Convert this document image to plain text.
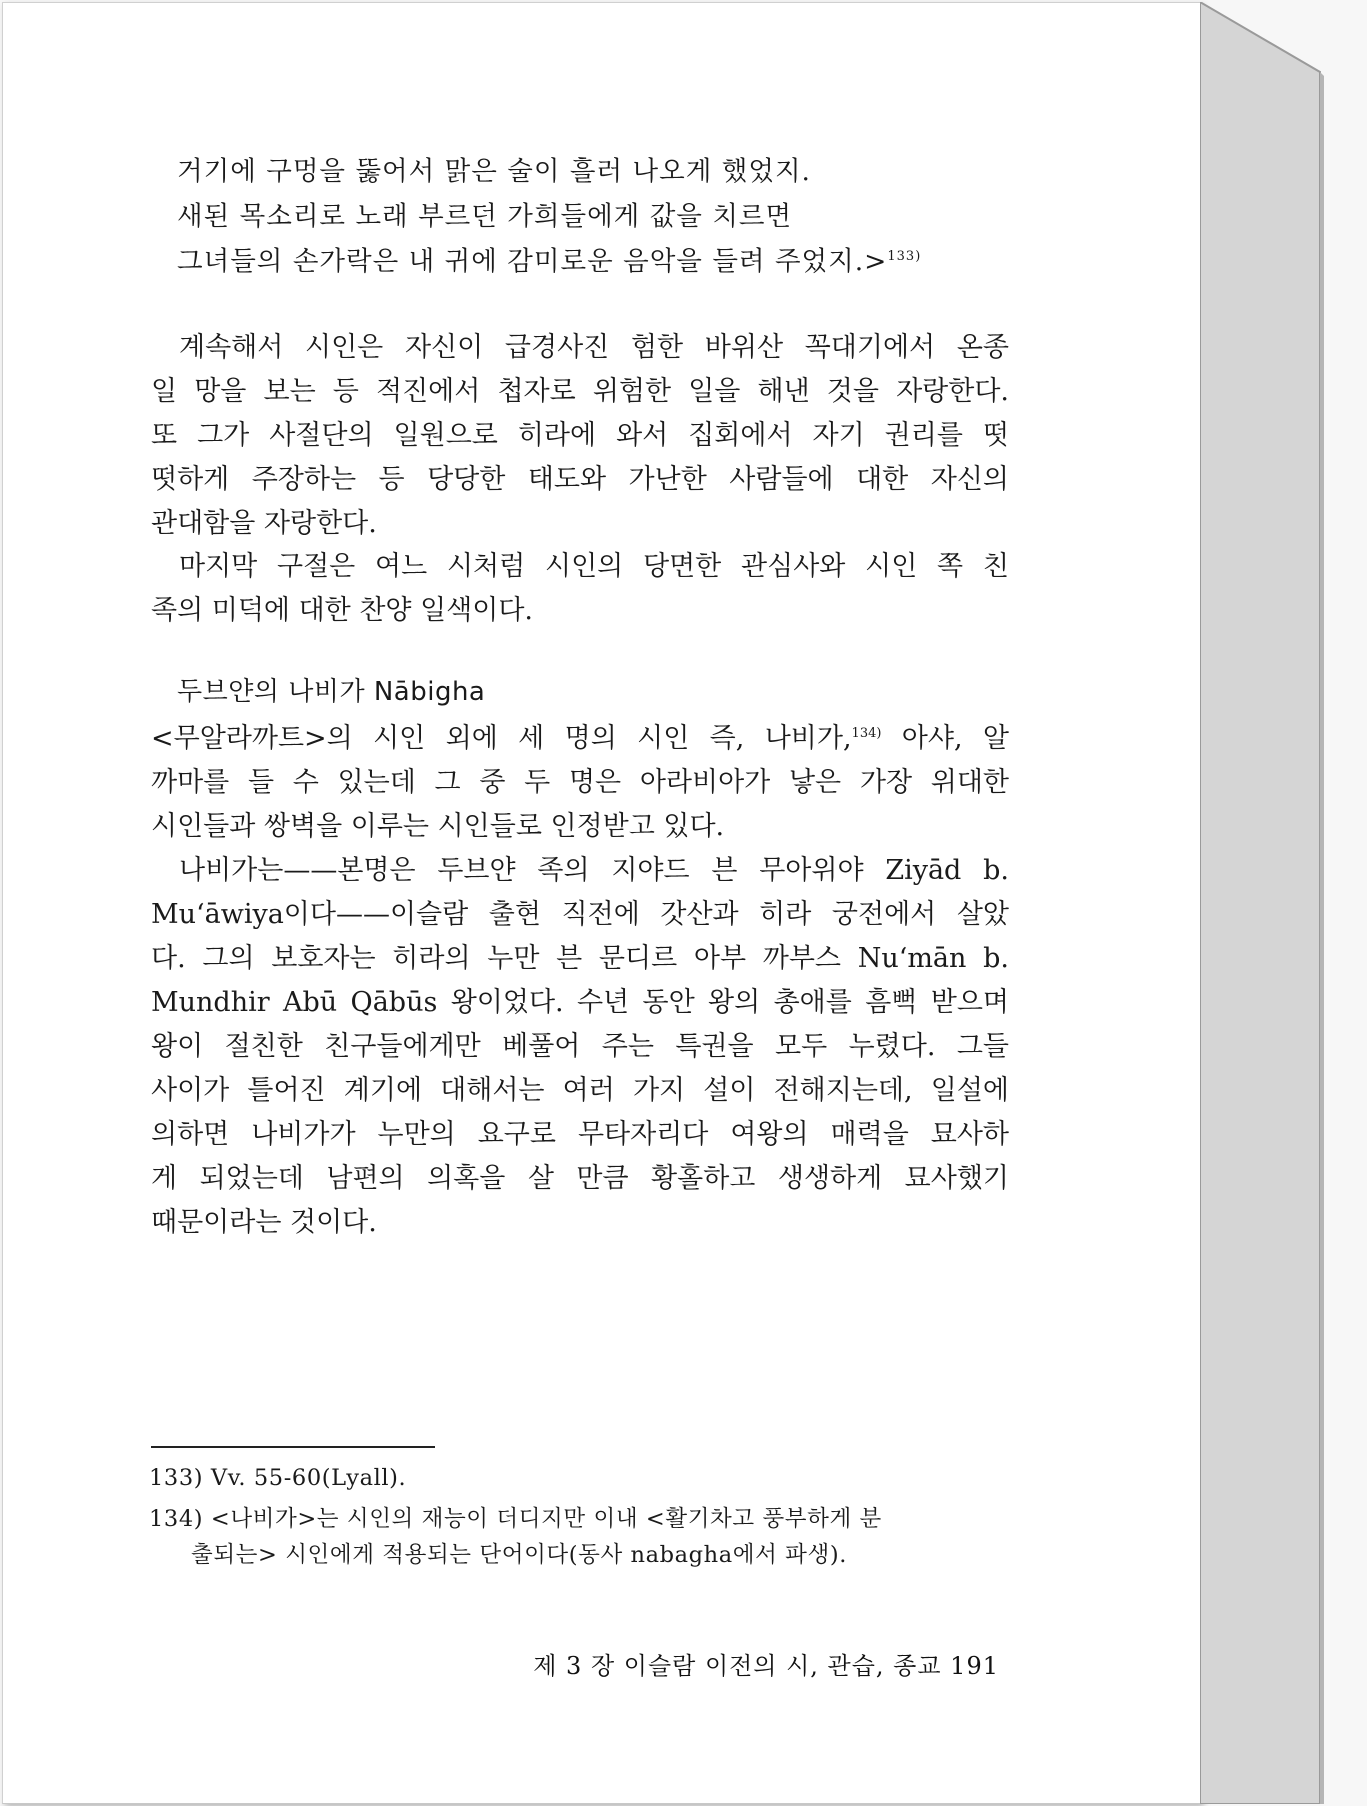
거기에 구멍을 뚫어서 맑은 술이 흘러 나오게 했었지.
새된 목소리로 노래 부르던 가희들에게 값을 치르면
그녀들의 손가락은 내 귀에 감미로운 음악을 들려 주었지.>$^{133)}$
계속해서 시인은 자신이 급경사진 험한 바위산 꼭대기에서 온종
일 망을 보는 등 적진에서 첩자로 위험한 일을 해낸 것을 자랑한다.
또 그가 사절단의 일원으로 히라에 와서 집회에서 자기 권리를 떳
떳하게 주장하는 등 당당한 태도와 가난한 사람들에 대한 자신의
관대함을 자랑한다.
마지막 구절은 여느 시처럼 시인의 당면한 관심사와 시인 쪽 친
족의 미덕에 대한 찬양 일색이다.
두브얀의 나비가 Nābigha
<무알라까트>의 시인 외에 세 명의 시인 즉, 나비가,$^{134)}$ 아샤, 알
까마를 들 수 있는데 그 중 두 명은 아라비아가 낳은 가장 위대한
시인들과 쌍벽을 이루는 시인들로 인정받고 있다.
나비가는——본명은 두브얀 족의 지야드 븐 무아위야 Ziyād b.
Mu‘āwiya이다——이슬람 출현 직전에 갓산과 히라 궁전에서 살았
다. 그의 보호자는 히라의 누만 븐 문디르 아부 까부스 Nu‘mān b.
Mundhir Abū Qābūs 왕이었다. 수년 동안 왕의 총애를 흠뻑 받으며
왕이 절친한 친구들에게만 베풀어 주는 특권을 모두 누렸다. 그들
사이가 틀어진 계기에 대해서는 여러 가지 설이 전해지는데, 일설에
의하면 나비가가 누만의 요구로 무타자리다 여왕의 매력을 묘사하
게 되었는데 남편의 의혹을 살 만큼 황홀하고 생생하게 묘사했기
때문이라는 것이다.
133) Vv. 55-60(Lyall).
134) <나비가>는 시인의 재능이 더디지만 이내 <활기차고 풍부하게 분
출되는> 시인에게 적용되는 단어이다(동사 nabagha에서 파생).
제 3 장 이슬람 이전의 시, 관습, 종교 191
